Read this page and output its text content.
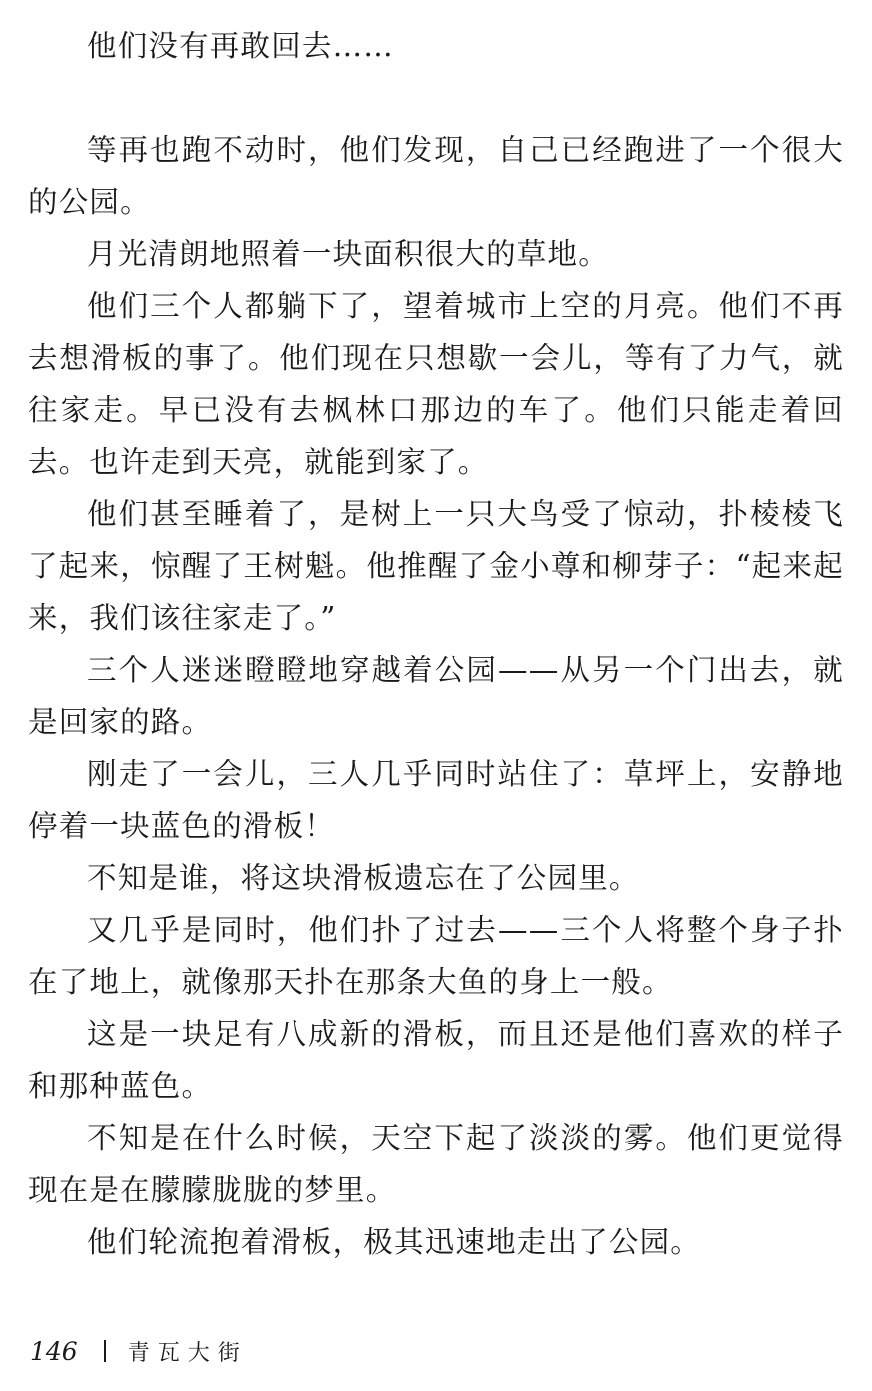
他们没有再敢回去……

等再也跑不动时，他们发现，自己已经跑进了一个很大的公园。

月光清朗地照着一块面积很大的草地。

他们三个人都躺下了，望着城市上空的月亮。他们不再去想滑板的事了。他们现在只想歇一会儿，等有了力气，就往家走。早已没有去枫林口那边的车了。他们只能走着回去。也许走到天亮，就能到家了。

他们甚至睡着了，是树上一只大鸟受了惊动，扑棱棱飞了起来，惊醒了王树魁。他推醒了金小尊和柳芽子：“起来起来，我们该往家走了。”

三个人迷迷瞪瞪地穿越着公园——从另一个门出去，就是回家的路。

刚走了一会儿，三人几乎同时站住了：草坪上，安静地停着一块蓝色的滑板！

不知是谁，将这块滑板遗忘在了公园里。

又几乎是同时，他们扑了过去——三个人将整个身子扑在了地上，就像那天扑在那条大鱼的身上一般。

这是一块足有八成新的滑板，而且还是他们喜欢的样子和那种蓝色。

不知是在什么时候，天空下起了淡淡的雾。他们更觉得现在是在朦朦胧胧的梦里。

他们轮流抱着滑板，极其迅速地走出了公园。

146 青瓦大街
